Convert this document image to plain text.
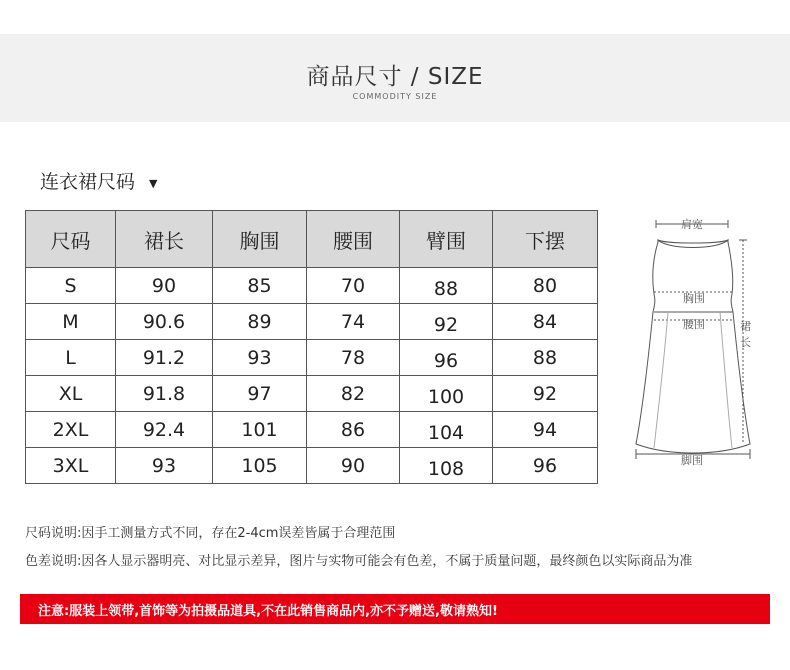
商品尺寸 / SIZE
COMMODITY SIZE
连衣裙尺码 ▼
尺码	裙长	胸围	腰围	臂围	下摆
S	90	85	70	88	80
M	90.6	89	74	92	84
L	91.2	93	78	96	88
XL	91.8	97	82	100	92
2XL	92.4	101	86	104	94
3XL	93	105	90	108	96
肩宽
胸围
腰围	裙
长
脚围
尺码说明:因手工测量方式不同，存在2-4cm误差皆属于合理范围
色差说明:因各人显示器明亮、对比显示差异，图片与实物可能会有色差，不属于质量问题，最终颜色以实际商品为准
注意:服装上领带,首饰等为拍摄品道具,不在此销售商品内,亦不予赠送,敬请熟知!
